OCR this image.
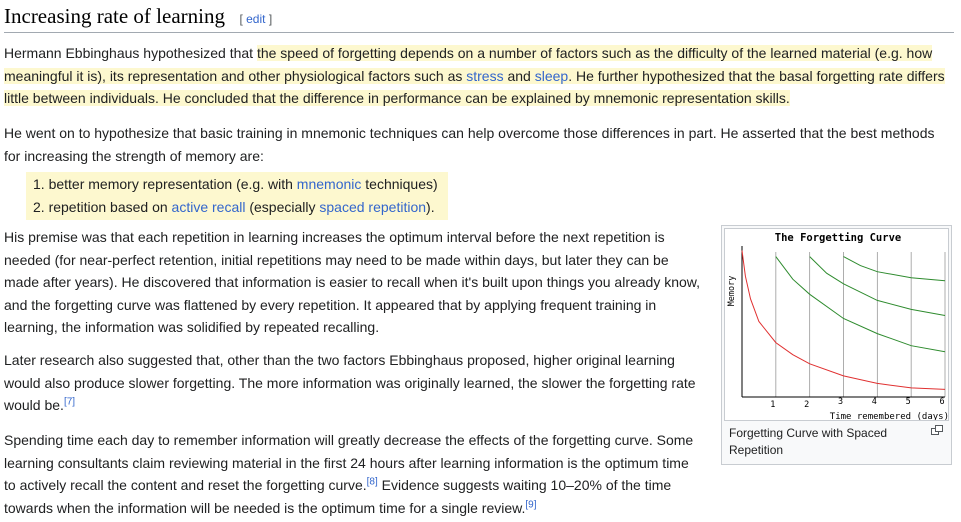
Increasing rate of learning [ edit ]

Hermann Ebbinghaus hypothesized that the speed of forgetting depends on a number of factors such as the difficulty of the learned material (e.g. how meaningful it is), its representation and other physiological factors such as stress and sleep. He further hypothesized that the basal forgetting rate differs little between individuals. He concluded that the difference in performance can be explained by mnemonic representation skills.

He went on to hypothesize that basic training in mnemonic techniques can help overcome those differences in part. He asserted that the best methods for increasing the strength of memory are:

1. better memory representation (e.g. with mnemonic techniques)
2. repetition based on active recall (especially spaced repetition).

His premise was that each repetition in learning increases the optimum interval before the next repetition is needed (for near-perfect retention, initial repetitions may need to be made within days, but later they can be made after years). He discovered that information is easier to recall when it's built upon things you already know, and the forgetting curve was flattened by every repetition. It appeared that by applying frequent training in learning, the information was solidified by repeated recalling.

Later research also suggested that, other than the two factors Ebbinghaus proposed, higher original learning would also produce slower forgetting. The more information was originally learned, the slower the forgetting rate would be.[7]

Spending time each day to remember information will greatly decrease the effects of the forgetting curve. Some learning consultants claim reviewing material in the first 24 hours after learning information is the optimum time to actively recall the content and reset the forgetting curve.[8] Evidence suggests waiting 10–20% of the time towards when the information will be needed is the optimum time for a single review.[9]

The Forgetting Curve
Memory
Time remembered (days)
1	2	3	4	5	6
Forgetting Curve with Spaced Repetition
